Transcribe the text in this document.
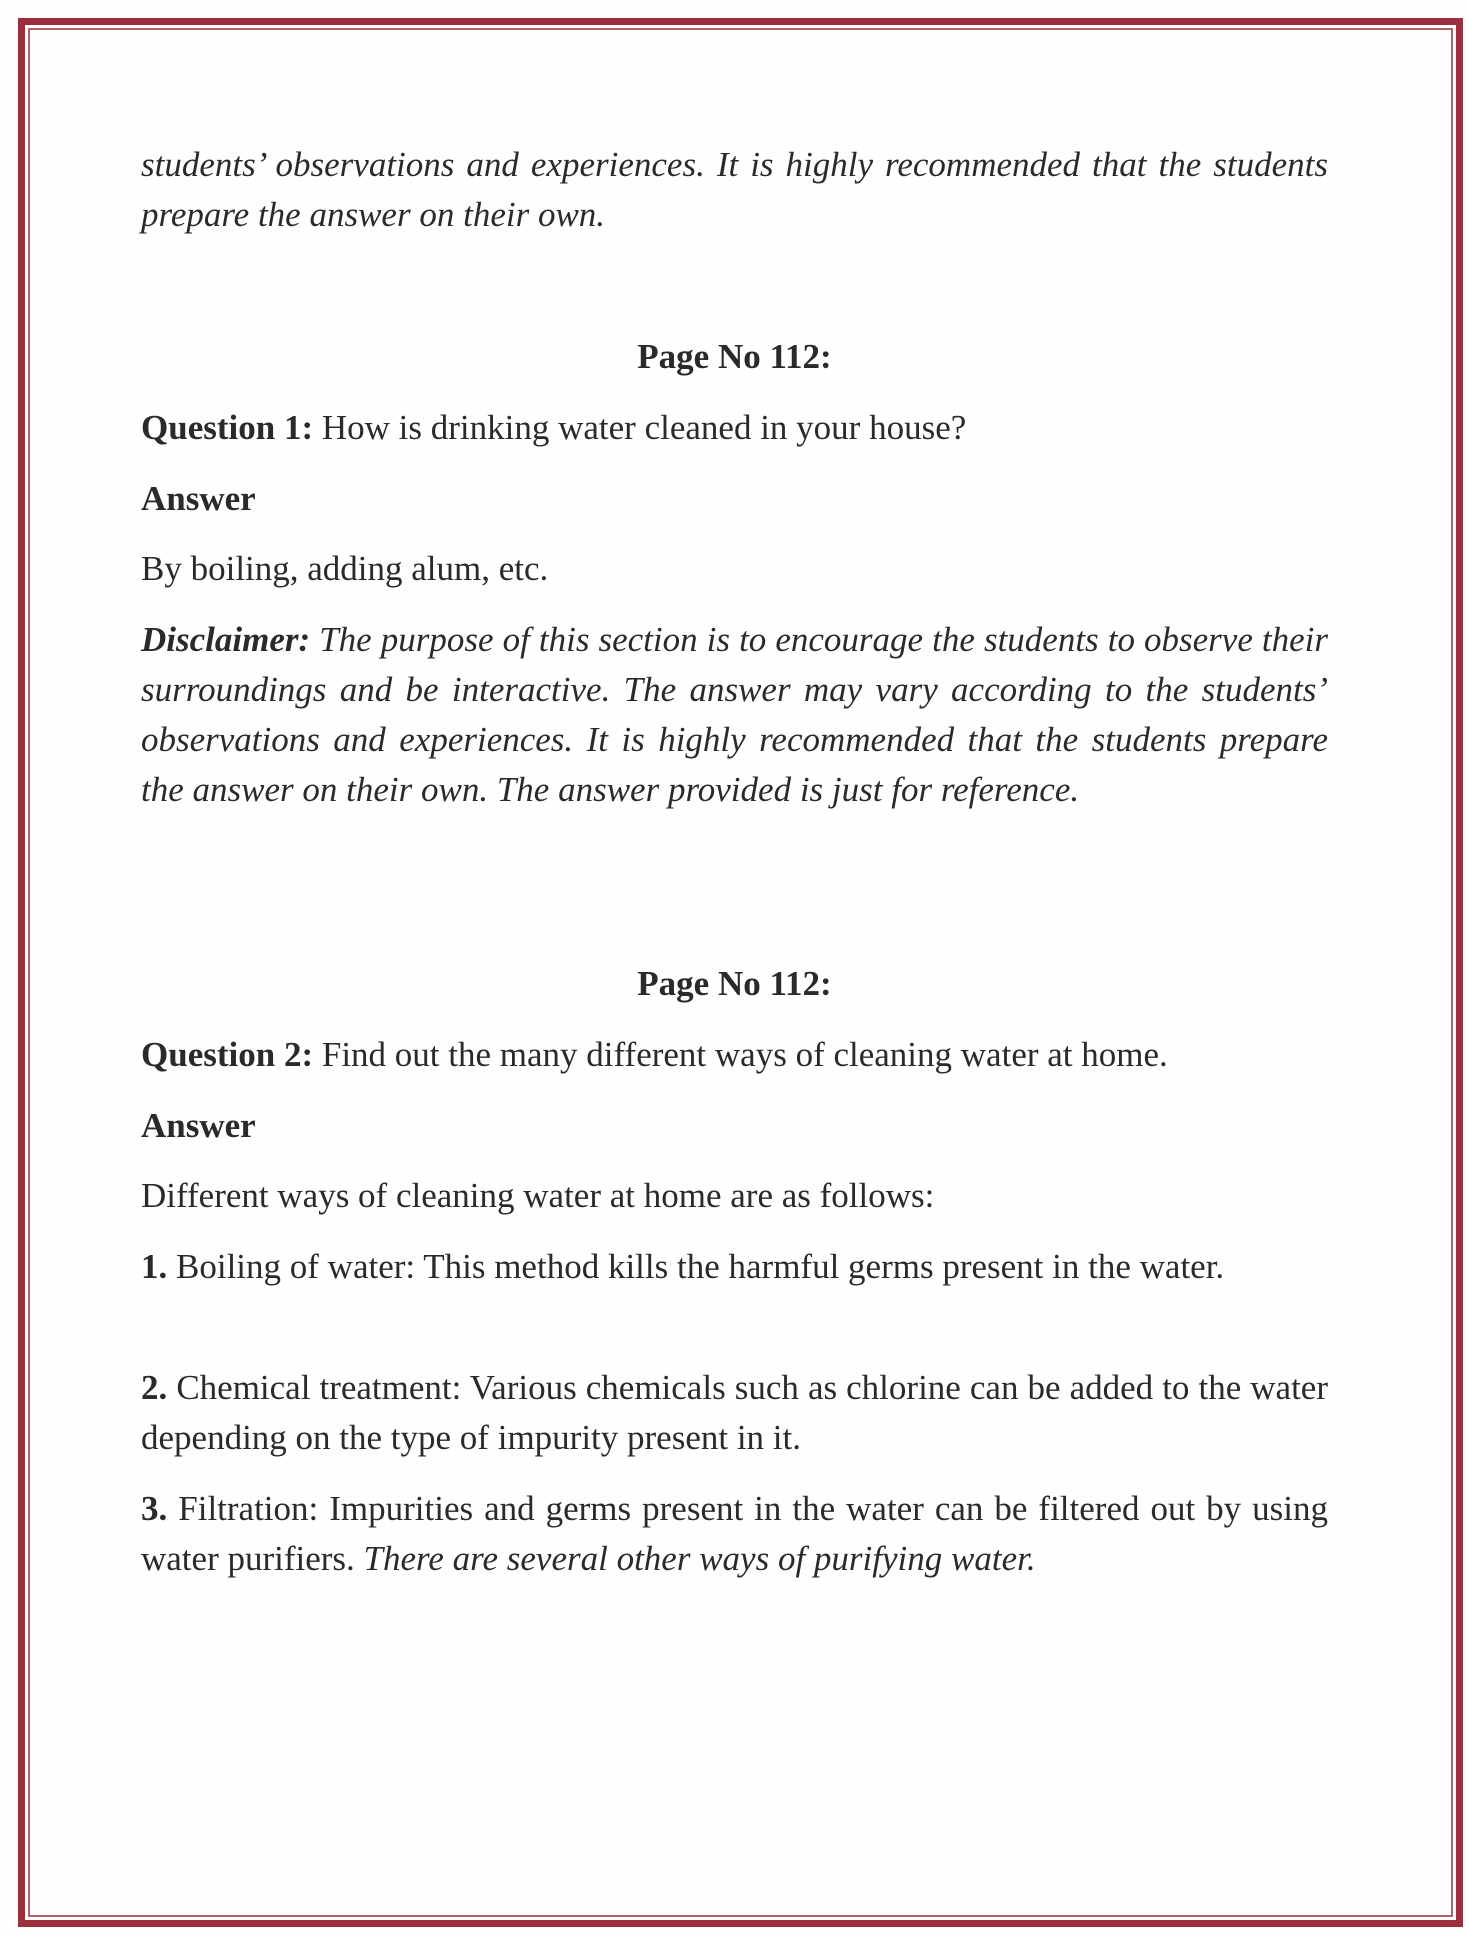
students’ observations and experiences. It is highly recommended that the students prepare the answer on their own.
Page No 112:
Question 1: How is drinking water cleaned in your house?
Answer
By boiling, adding alum, etc.
Disclaimer: The purpose of this section is to encourage the students to observe their surroundings and be interactive. The answer may vary according to the students’ observations and experiences. It is highly recommended that the students prepare the answer on their own. The answer provided is just for reference.
Page No 112:
Question 2: Find out the many different ways of cleaning water at home.
Answer
Different ways of cleaning water at home are as follows:
1. Boiling of water: This method kills the harmful germs present in the water.
2. Chemical treatment: Various chemicals such as chlorine can be added to the water depending on the type of impurity present in it.
3. Filtration: Impurities and germs present in the water can be filtered out by using water purifiers. There are several other ways of purifying water.
